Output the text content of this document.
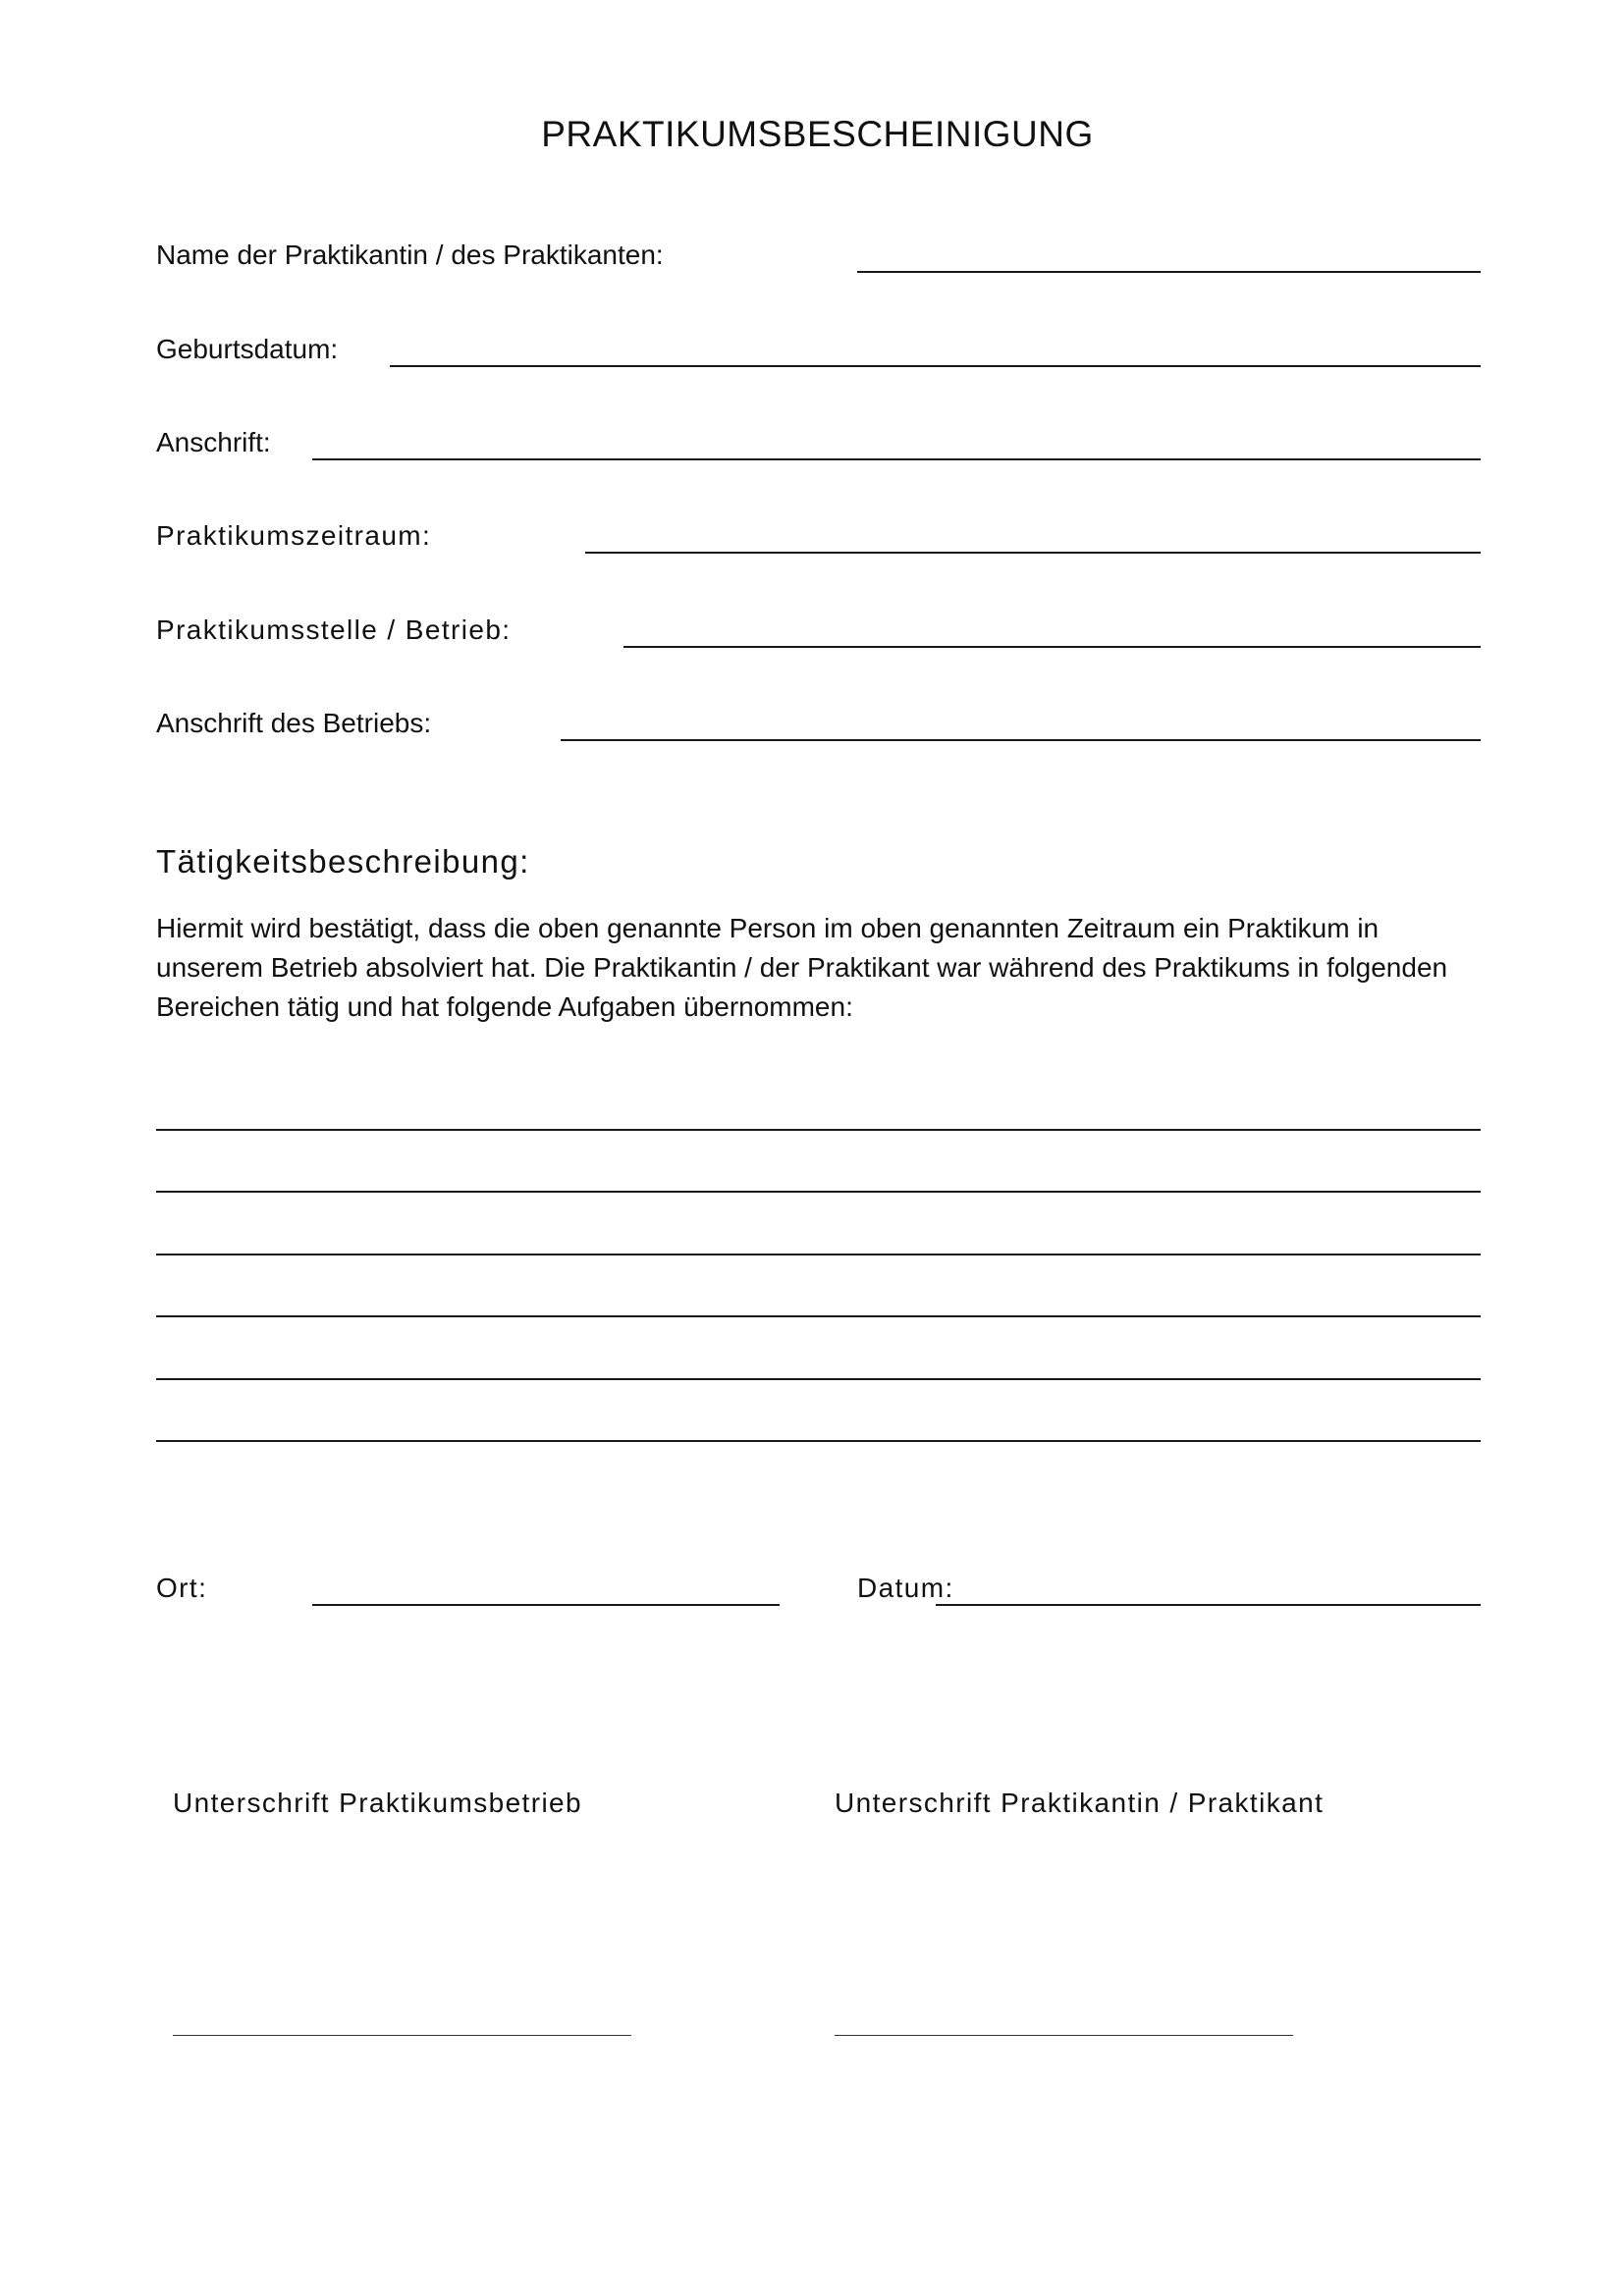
PRAKTIKUMSBESCHEINIGUNG
Name der Praktikantin / des Praktikanten:
Geburtsdatum:
Anschrift:
Praktikumszeitraum:
Praktikumsstelle / Betrieb:
Anschrift des Betriebs:
Tätigkeitsbeschreibung:

Hiermit wird bestätigt, dass die oben genannte Person im oben genannten Zeitraum ein Praktikum in unserem Betrieb absolviert hat. Die Praktikantin / der Praktikant war während des Praktikums in folgenden Bereichen tätig und hat folgende Aufgaben übernommen:

Ort:	Datum:
Unterschrift Praktikumsbetrieb	Unterschrift Praktikantin / Praktikant
